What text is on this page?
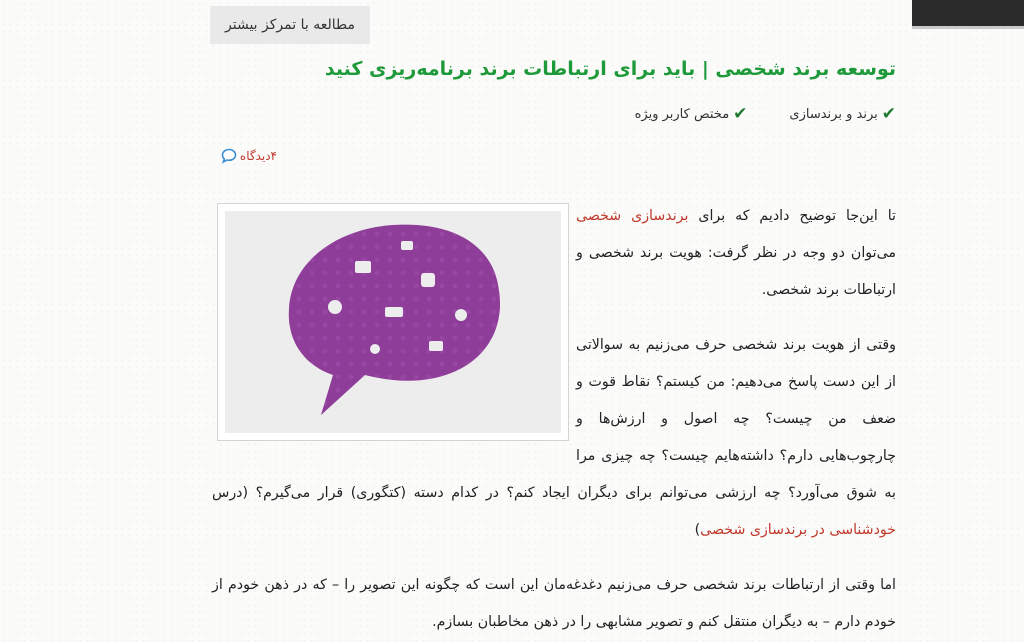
مطالعه با تمرکز بیشتر
توسعه برند شخصی | باید برای ارتباطات برند برنامه‌ریزی کنید
✔
برند و برندسازی
✔
مختص کاربر ویژه
۴دیدگاه

تا این‌جا توضیح دادیم که برای برندسازی شخصی می‌توان دو وجه در نظر گرفت: هویت برند شخصی و ارتباطات برند شخصی.

وقتی از هویت برند شخصی حرف می‌زنیم به سوالاتی از این دست پاسخ می‌دهیم: من کیستم؟ نقاط قوت و ضعف من چیست؟ چه اصول و ارزش‌ها و چارچوب‌هایی دارم؟ داشته‌هایم چیست؟ چه چیزی مرا به شوق می‌آورد؟ چه ارزشی می‌توانم برای دیگران ایجاد کنم؟ در کدام دسته (کتگوری) قرار می‌گیرم؟ (درس خودشناسی در برندسازی شخصی)

اما وقتی از ارتباطات برند شخصی حرف می‌زنیم دغدغه‌مان این است که چگونه این تصویر را – که در ذهن خودم از خودم دارم – به دیگران منتقل کنم و تصویر مشابهی را در ذهن مخاطبان بسازم.
